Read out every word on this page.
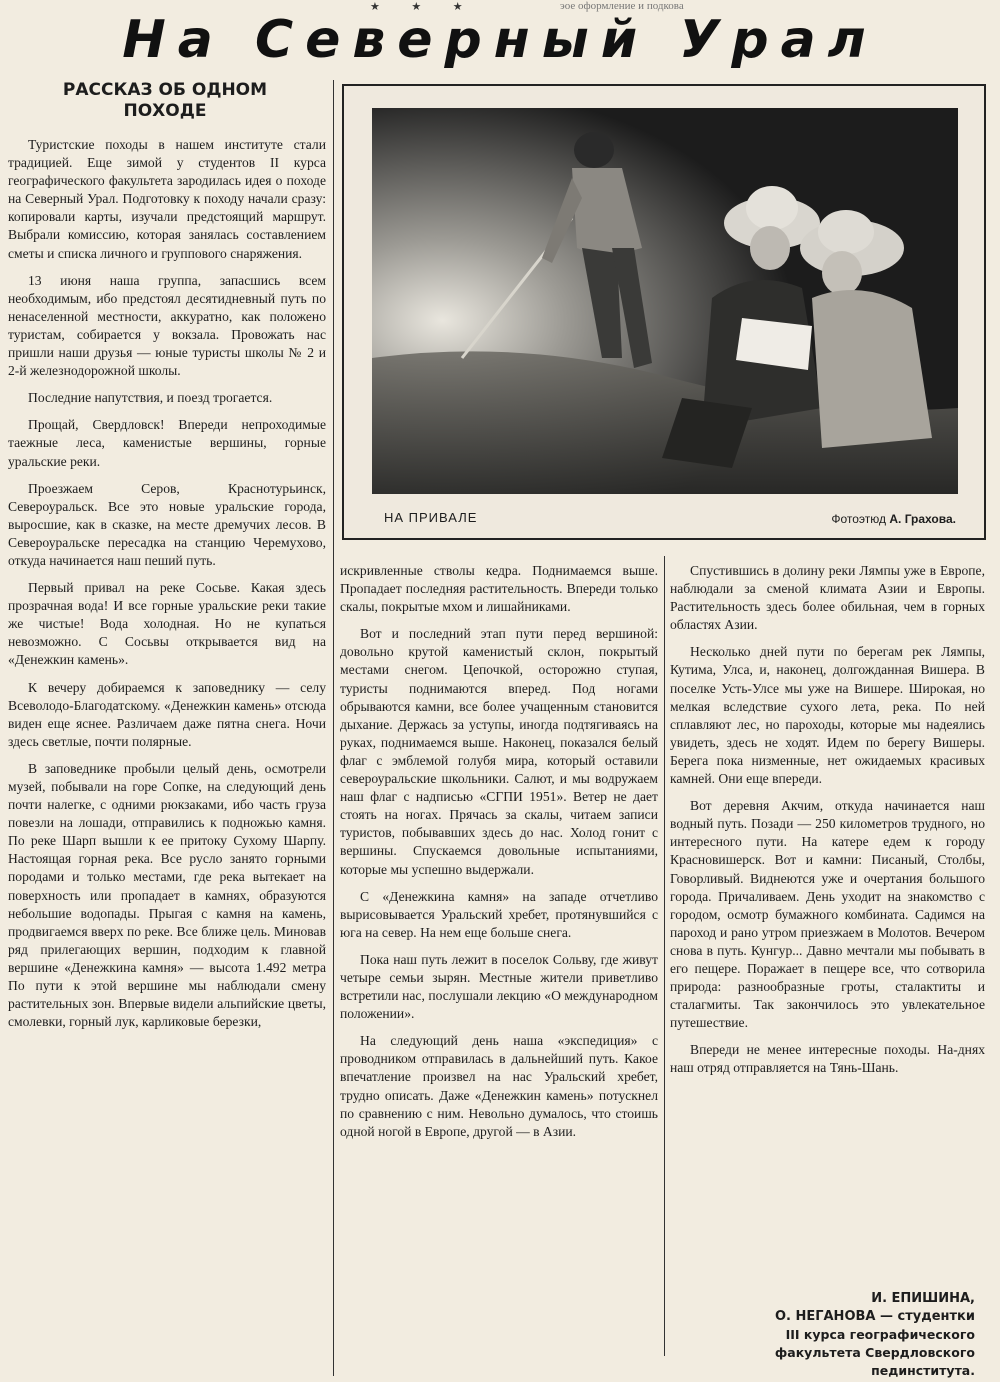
★ ★ ★	эое оформление и подкова
На Северный Урал
РАССКАЗ ОБ ОДНОМ ПОХОДЕ

Туристские походы в нашем институте стали традицией. Еще зимой у студентов II курса географического факультета зародилась идея о походе на Северный Урал. Подготовку к походу начали сразу: копировали карты, изучали предстоящий маршрут. Выбрали комиссию, которая занялась составлением сметы и списка личного и группового снаряжения.

13 июня наша группа, запасшись всем необходимым, ибо предстоял десятидневный путь по ненаселенной местности, аккуратно, как положено туристам, собирается у вокзала. Провожать нас пришли наши друзья — юные туристы школы № 2 и 2-й железнодорожной школы.

Последние напутствия, и поезд трогается.

Прощай, Свердловск! Впереди непроходимые таежные леса, каменистые вершины, горные уральские реки.

Проезжаем Серов, Краснотурьинск, Североуральск. Все это новые уральские города, выросшие, как в сказке, на месте дремучих лесов. В Североуральске пересадка на станцию Черемухово, откуда начинается наш пеший путь.

Первый привал на реке Сосьве. Какая здесь прозрачная вода! И все горные уральские реки такие же чистые! Вода холодная. Но не купаться невозможно. С Сосьвы открывается вид на «Денежкин камень».

К вечеру добираемся к заповеднику — селу Всеволодо-Благодатскому. «Денежкин камень» отсюда виден еще яснее. Различаем даже пятна снега. Ночи здесь светлые, почти полярные.

В заповеднике пробыли целый день, осмотрели музей, побывали на горе Сопке, на следующий день почти налегке, с одними рюкзаками, ибо часть груза повезли на лошади, отправились к подножью камня. По реке Шарп вышли к ее притоку Сухому Шарпу. Настоящая горная река. Все русло занято горными породами и только местами, где река вытекает на поверхность или пропадает в камнях, образуются небольшие водопады. Прыгая с камня на камень, продвигаемся вверх по реке. Все ближе цель. Миновав ряд прилегающих вершин, подходим к главной вершине «Денежкина камня» — высота 1.492 метра По пути к этой вершине мы наблюдали смену растительных зон. Впервые видели альпийские цветы, смолевки, горный лук, карликовые березки,

НА ПРИВАЛЕ	Фотоэтюд А. Грахова.

искривленные стволы кедра. Поднимаемся выше. Пропадает последняя растительность. Впереди только скалы, покрытые мхом и лишайниками.

Вот и последний этап пути перед вершиной: довольно крутой каменистый склон, покрытый местами снегом. Цепочкой, осторожно ступая, туристы поднимаются вперед. Под ногами обрываются камни, все более учащенным становится дыхание. Держась за уступы, иногда подтягиваясь на руках, поднимаемся выше. Наконец, показался белый флаг с эмблемой голубя мира, который оставили североуральские школьники. Салют, и мы водружаем наш флаг с надписью «СГПИ 1951». Ветер не дает стоять на ногах. Прячась за скалы, читаем записи туристов, побывавших здесь до нас. Холод гонит с вершины. Спускаемся довольные испытаниями, которые мы успешно выдержали.

С «Денежкина камня» на западе отчетливо вырисовывается Уральский хребет, протянувшийся с юга на север. На нем еще больше снега.

Пока наш путь лежит в поселок Сольву, где живут четыре семьи зырян. Местные жители приветливо встретили нас, послушали лекцию «О международном положении».

На следующий день наша «экспедиция» с проводником отправилась в дальнейший путь. Какое впечатление произвел на нас Уральский хребет, трудно описать. Даже «Денежкин камень» потускнел по сравнению с ним. Невольно думалось, что стоишь одной ногой в Европе, другой — в Азии.

Спустившись в долину реки Лямпы уже в Европе, наблюдали за сменой климата Азии и Европы. Растительность здесь более обильная, чем в горных областях Азии.

Несколько дней пути по берегам рек Лямпы, Кутима, Улса, и, наконец, долгожданная Вишера. В поселке Усть-Улсе мы уже на Вишере. Широкая, но мелкая вследствие сухого лета, река. По ней сплавляют лес, но пароходы, которые мы надеялись увидеть, здесь не ходят. Идем по берегу Вишеры. Берега пока низменные, нет ожидаемых красивых камней. Они еще впереди.

Вот деревня Акчим, откуда начинается наш водный путь. Позади — 250 километров трудного, но интересного пути. На катере едем к городу Красновишерск. Вот и камни: Писаный, Столбы, Говорливый. Виднеются уже и очертания большого города. Причаливаем. День уходит на знакомство с городом, осмотр бумажного комбината. Садимся на пароход и рано утром приезжаем в Молотов. Вечером снова в путь. Кунгур... Давно мечтали мы побывать в его пещере. Поражает в пещере все, что сотворила природа: разнообразные гроты, сталактиты и сталагмиты. Так закончилось это увлекательное путешествие.

Впереди не менее интересные походы. На-днях наш отряд отправляется на Тянь-Шань.

И. ЕПИШИНА,
О. НЕГАНОВА — студентки
III курса географического
факультета Свердловского
пединститута.
